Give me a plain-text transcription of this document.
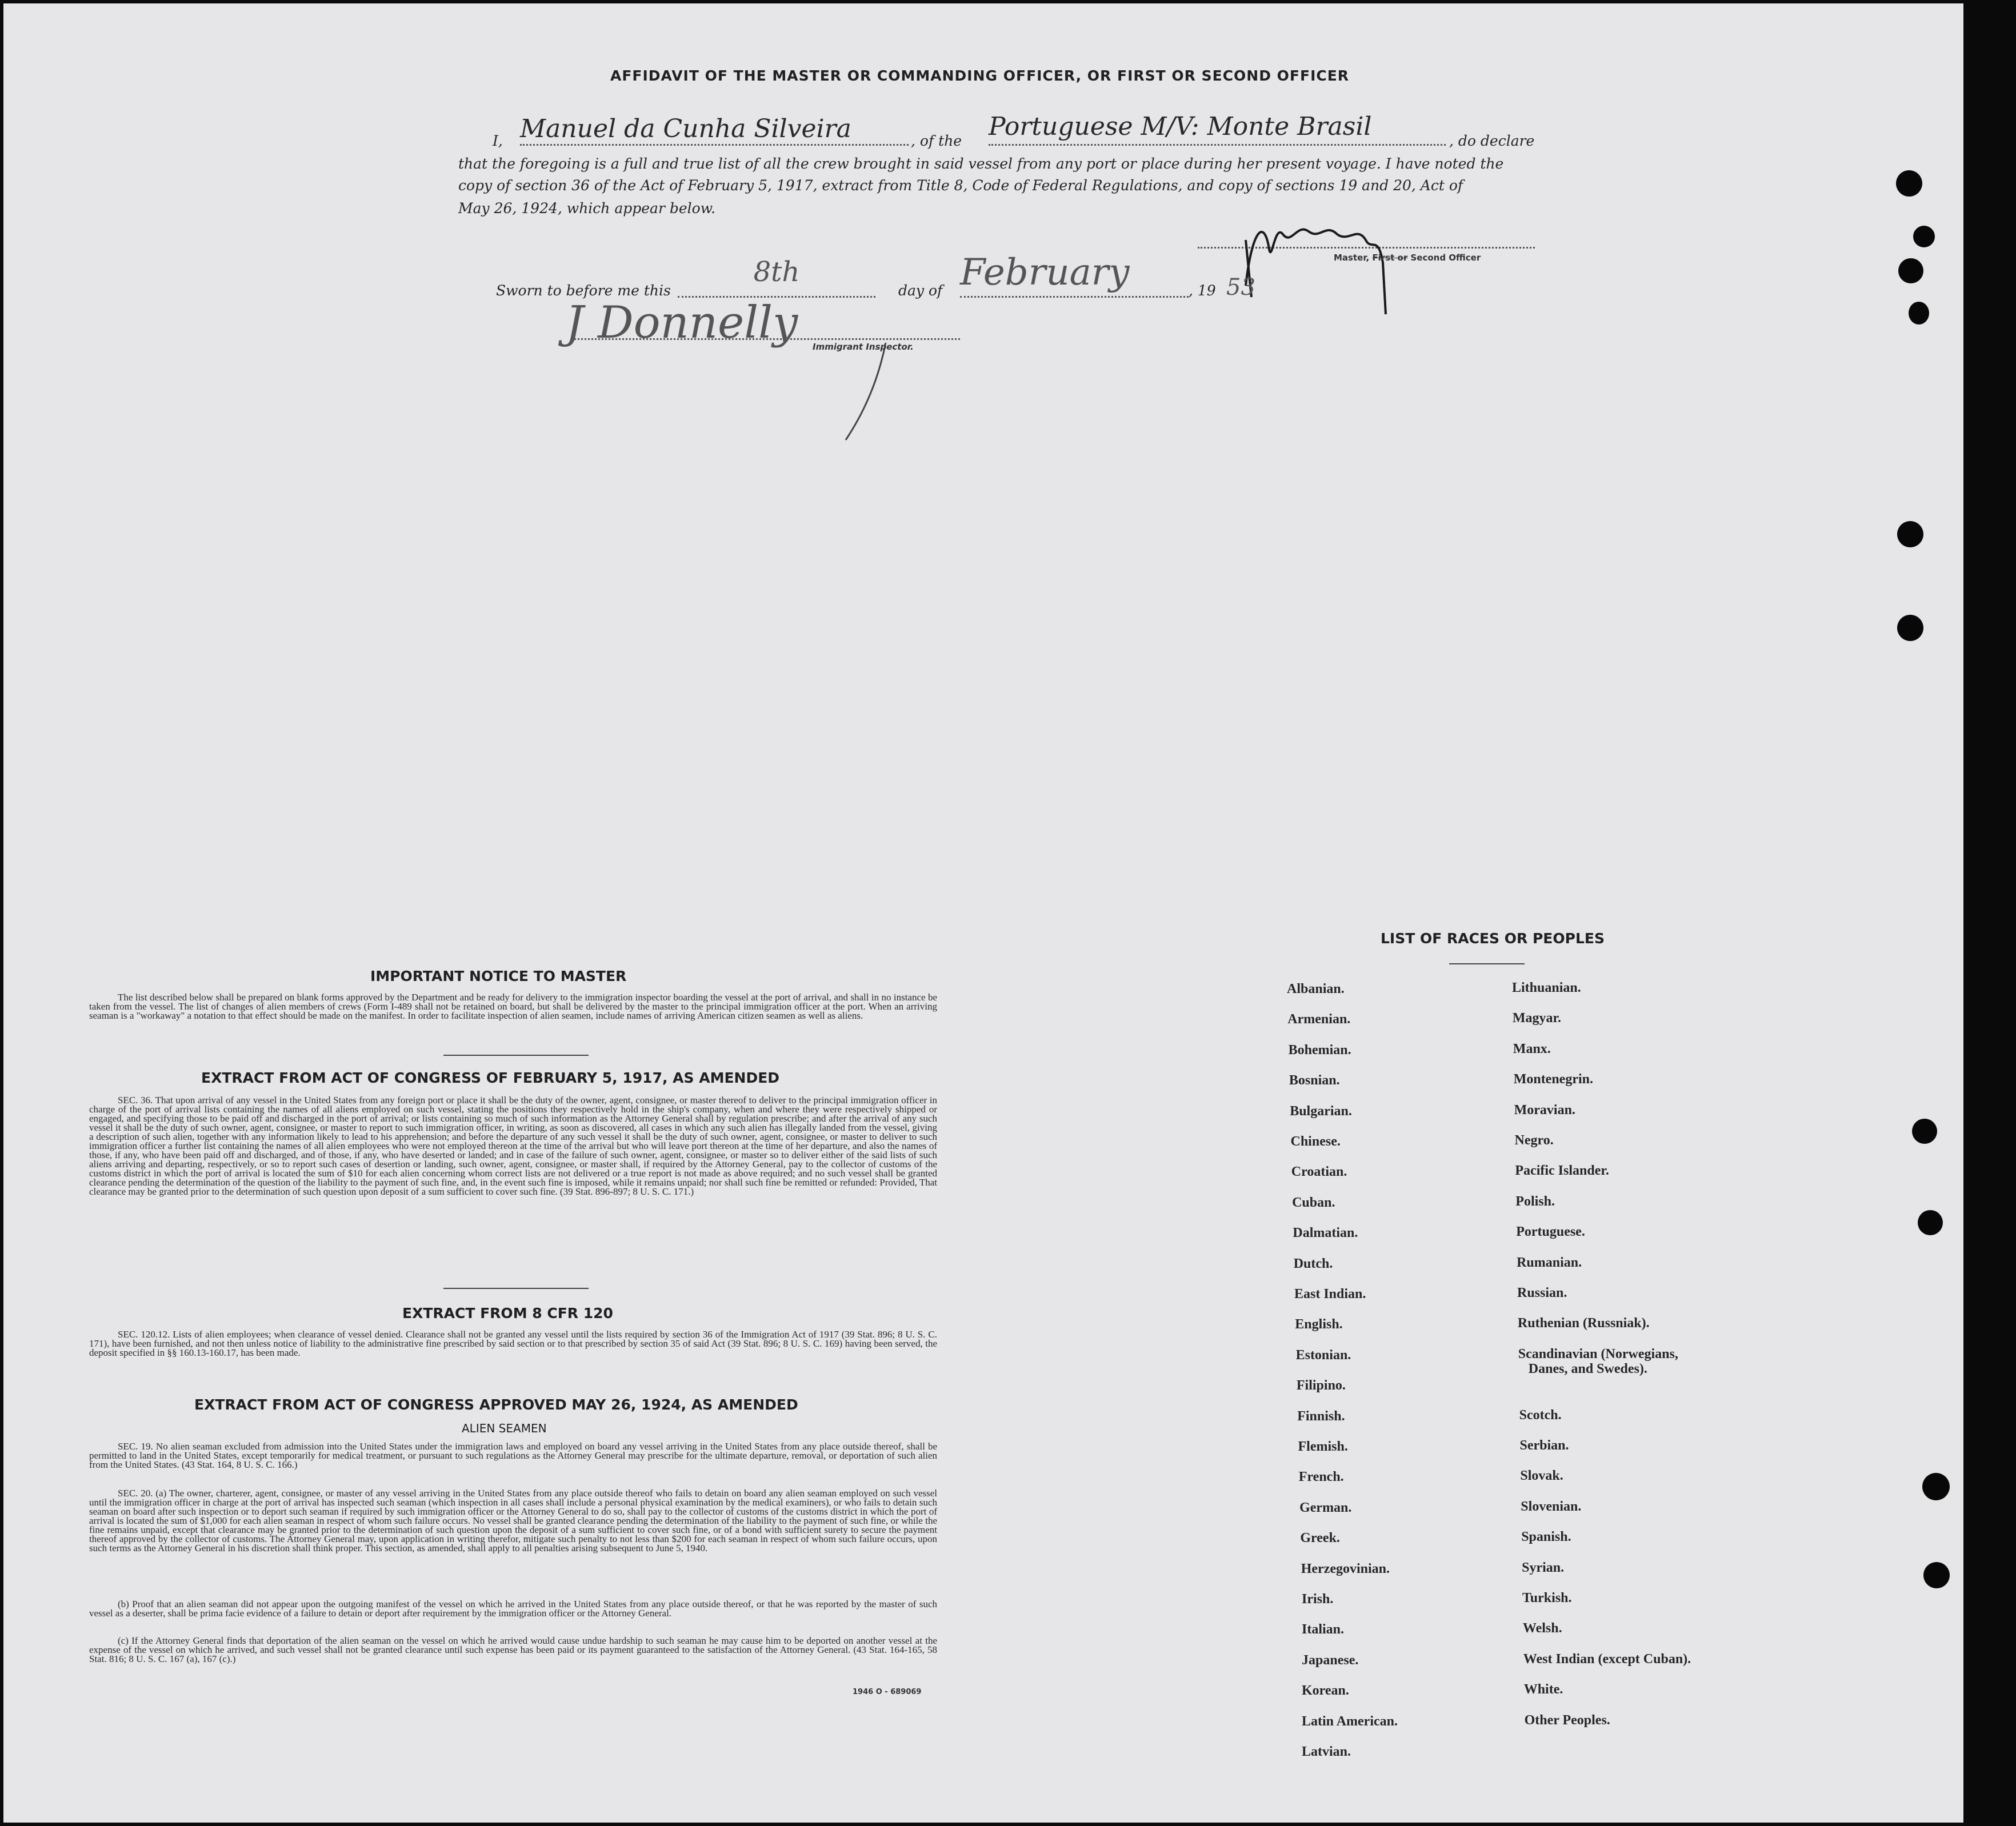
AFFIDAVIT OF THE MASTER OR COMMANDING OFFICER, OR FIRST OR SECOND OFFICER
I, Manuel da Cunha Silveira	, of the Portuguese M/V: Monte Brasil	, do declare
that the foregoing is a full and true list of all the crew brought in said vessel from any port or place during her present voyage. I have noted the
copy of section 36 of the Act of February 5, 1917, extract from Title 8, Code of Federal Regulations, and copy of sections 19 and 20, Act of
May 26, 1924, which appear below.
Master, First or Second Officer
Sworn to before me this
8th
day of February	, 19 53
J Donnelly Immigrant Inspector.
IMPORTANT NOTICE TO MASTER
The list described below shall be prepared on blank forms approved by the Department and be ready for delivery to the immigration inspector boarding the vessel at the port of arrival, and shall in no instance be taken from the vessel. The list of changes of alien members of crews (Form I-489 shall not be retained on board, but shall be delivered by the master to the principal immigration officer at the port. When an arriving seaman is a "workaway" a notation to that effect should be made on the manifest. In order to facilitate inspection of alien seamen, include names of arriving American citizen seamen as well as aliens.
EXTRACT FROM ACT OF CONGRESS OF FEBRUARY 5, 1917, AS AMENDED
SEC. 36. That upon arrival of any vessel in the United States from any foreign port or place it shall be the duty of the owner, agent, consignee, or master thereof to deliver to the principal immigration officer in charge of the port of arrival lists containing the names of all aliens employed on such vessel, stating the positions they respectively hold in the ship's company, when and where they were respectively shipped or engaged, and specifying those to be paid off and discharged in the port of arrival; or lists containing so much of such information as the Attorney General shall by regulation prescribe; and after the arrival of any such vessel it shall be the duty of such owner, agent, consignee, or master to report to such immigration officer, in writing, as soon as discovered, all cases in which any such alien has illegally landed from the vessel, giving a description of such alien, together with any information likely to lead to his apprehension; and before the departure of any such vessel it shall be the duty of such owner, agent, consignee, or master to deliver to such immigration officer a further list containing the names of all alien employees who were not employed thereon at the time of the arrival but who will leave port thereon at the time of her departure, and also the names of those, if any, who have been paid off and discharged, and of those, if any, who have deserted or landed; and in case of the failure of such owner, agent, consignee, or master so to deliver either of the said lists of such aliens arriving and departing, respectively, or so to report such cases of desertion or landing, such owner, agent, consignee, or master shall, if required by the Attorney General, pay to the collector of customs of the customs district in which the port of arrival is located the sum of $10 for each alien concerning whom correct lists are not delivered or a true report is not made as above required; and no such vessel shall be granted clearance pending the determination of the question of the liability to the payment of such fine, and, in the event such fine is imposed, while it remains unpaid; nor shall such fine be remitted or refunded: Provided, That clearance may be granted prior to the determination of such question upon deposit of a sum sufficient to cover such fine. (39 Stat. 896-897; 8 U. S. C. 171.)
EXTRACT FROM 8 CFR 120
SEC. 120.12. Lists of alien employees; when clearance of vessel denied. Clearance shall not be granted any vessel until the lists required by section 36 of the Immigration Act of 1917 (39 Stat. 896; 8 U. S. C. 171), have been furnished, and not then unless notice of liability to the administrative fine prescribed by said section or to that prescribed by section 35 of said Act (39 Stat. 896; 8 U. S. C. 169) having been served, the deposit specified in §§ 160.13-160.17, has been made.
EXTRACT FROM ACT OF CONGRESS APPROVED MAY 26, 1924, AS AMENDED
ALIEN SEAMEN
SEC. 19. No alien seaman excluded from admission into the United States under the immigration laws and employed on board any vessel arriving in the United States from any place outside thereof, shall be permitted to land in the United States, except temporarily for medical treatment, or pursuant to such regulations as the Attorney General may prescribe for the ultimate departure, removal, or deportation of such alien from the United States. (43 Stat. 164, 8 U. S. C. 166.)
SEC. 20. (a) The owner, charterer, agent, consignee, or master of any vessel arriving in the United States from any place outside thereof who fails to detain on board any alien seaman employed on such vessel until the immigration officer in charge at the port of arrival has inspected such seaman (which inspection in all cases shall include a personal physical examination by the medical examiners), or who fails to detain such seaman on board after such inspection or to deport such seaman if required by such immigration officer or the Attorney General to do so, shall pay to the collector of customs of the customs district in which the port of arrival is located the sum of $1,000 for each alien seaman in respect of whom such failure occurs. No vessel shall be granted clearance pending the determination of the liability to the payment of such fine, or while the fine remains unpaid, except that clearance may be granted prior to the determination of such question upon the deposit of a sum sufficient to cover such fine, or of a bond with sufficient surety to secure the payment thereof approved by the collector of customs. The Attorney General may, upon application in writing therefor, mitigate such penalty to not less than $200 for each seaman in respect of whom such failure occurs, upon such terms as the Attorney General in his discretion shall think proper. This section, as amended, shall apply to all penalties arising subsequent to June 5, 1940.
(b) Proof that an alien seaman did not appear upon the outgoing manifest of the vessel on which he arrived in the United States from any place outside thereof, or that he was reported by the master of such vessel as a deserter, shall be prima facie evidence of a failure to detain or deport after requirement by the immigration officer or the Attorney General.
(c) If the Attorney General finds that deportation of the alien seaman on the vessel on which he arrived would cause undue hardship to such seaman he may cause him to be deported on another vessel at the expense of the vessel on which he arrived, and such vessel shall not be granted clearance until such expense has been paid or its payment guaranteed to the satisfaction of the Attorney General. (43 Stat. 164-165, 58 Stat. 816; 8 U. S. C. 167 (a), 167 (c).)
1946 O - 689069
LIST OF RACES OR PEOPLES
Albanian.
Armenian.
Bohemian.
Bosnian.
Bulgarian.
Chinese.
Croatian.
Cuban.
Dalmatian.
Dutch.
East Indian.
English.
Estonian.
Filipino.
Finnish.
Flemish.
French.
German.
Greek.
Herzegovinian.
Irish.
Italian.
Japanese.
Korean.
Latin American.
Latvian.
Lithuanian.
Magyar.
Manx.
Montenegrin.
Moravian.
Negro.
Pacific Islander.
Polish.
Portuguese.
Rumanian.
Russian.
Ruthenian (Russniak).
Scandinavian (Norwegians,
Danes, and Swedes).
Scotch.
Serbian.
Slovak.
Slovenian.
Spanish.
Syrian.
Turkish.
Welsh.
West Indian (except Cuban).
White.
Other Peoples.
